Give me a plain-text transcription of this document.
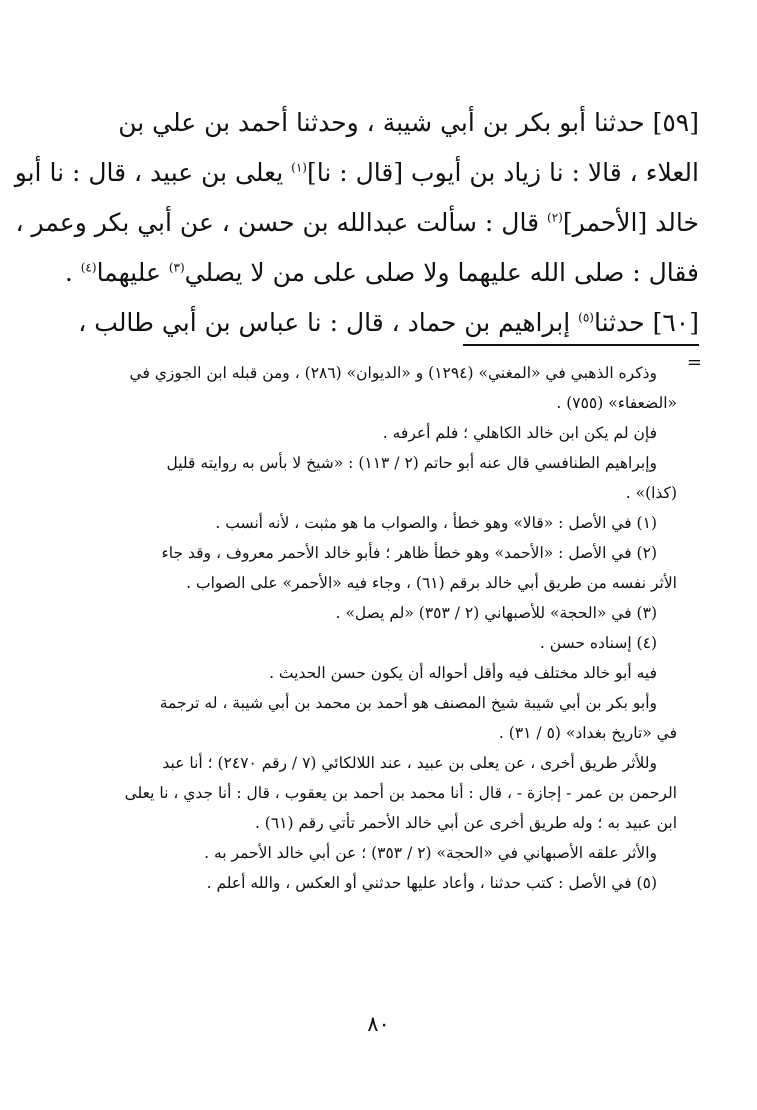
[٥٩] حدثنا أبو بكر بن أبي شيبة ، وحدثنا أحمد بن علي بن

العلاء ، قالا : نا زياد بن أيوب [قال : نا]$^{(١)}$ يعلى بن عبيد ، قال : نا أبو

خالد [الأحمر]$^{(٢)}$ قال : سألت عبدالله بن حسن ، عن أبي بكر وعمر ،

فقال : صلى الله عليهما ولا صلى على من لا يصلي$^{(٣)}$ عليهما$^{(٤)}$ .

[٦٠] حدثنا$^{(٥)}$ إبراهيم بن حماد ، قال : نا عباس بن أبي طالب ،

=

وذكره الذهبي في «المغني» (١٢٩٤) و «الديوان» (٢٨٦) ، ومن قبله ابن الجوزي في

«الضعفاء» (٧٥٥) .

فإن لم يكن ابن خالد الكاهلي ؛ فلم أعرفه .

وإبراهيم الطنافسي قال عنه أبو حاتم (٢ / ١١٣) : «شيخ لا بأس به روايته قليل

(كذا)» .

(١) في الأصل : «قالا» وهو خطأ ، والصواب ما هو مثبت ، لأنه أنسب .

(٢) في الأصل : «الأحمد» وهو خطأ ظاهر ؛ فأبو خالد الأحمر معروف ، وقد جاء

الأثر نفسه من طريق أبي خالد برقم (٦١) ، وجاء فيه «الأحمر» على الصواب .

(٣) في «الحجة» للأصبهاني (٢ / ٣٥٣) «لم يصل» .

(٤) إسناده حسن .

فيه أبو خالد مختلف فيه وأقل أحواله أن يكون حسن الحديث .

وأبو بكر بن أبي شيبة شيخ المصنف هو أحمد بن محمد بن أبي شيبة ، له ترجمة

في «تاريخ بغداد» (٥ / ٣١) .

وللأثر طريق أخرى ، عن يعلى بن عبيد ، عند اللالكائي (٧ / رقم ٢٤٧٠) ؛ أنا عبد

الرحمن بن عمر - إجازة - ، قال : أنا محمد بن أحمد بن يعقوب ، قال : أنا جدي ، نا يعلى

ابن عبيد به ؛ وله طريق أخرى عن أبي خالد الأحمر تأتي رقم (٦١) .

والأثر علقه الأصبهاني في «الحجة» (٢ / ٣٥٣) ؛ عن أبي خالد الأحمر به .

(٥) في الأصل : كتب حدثنا ، وأعاد عليها حدثني أو العكس ، والله أعلم .

٨٠
